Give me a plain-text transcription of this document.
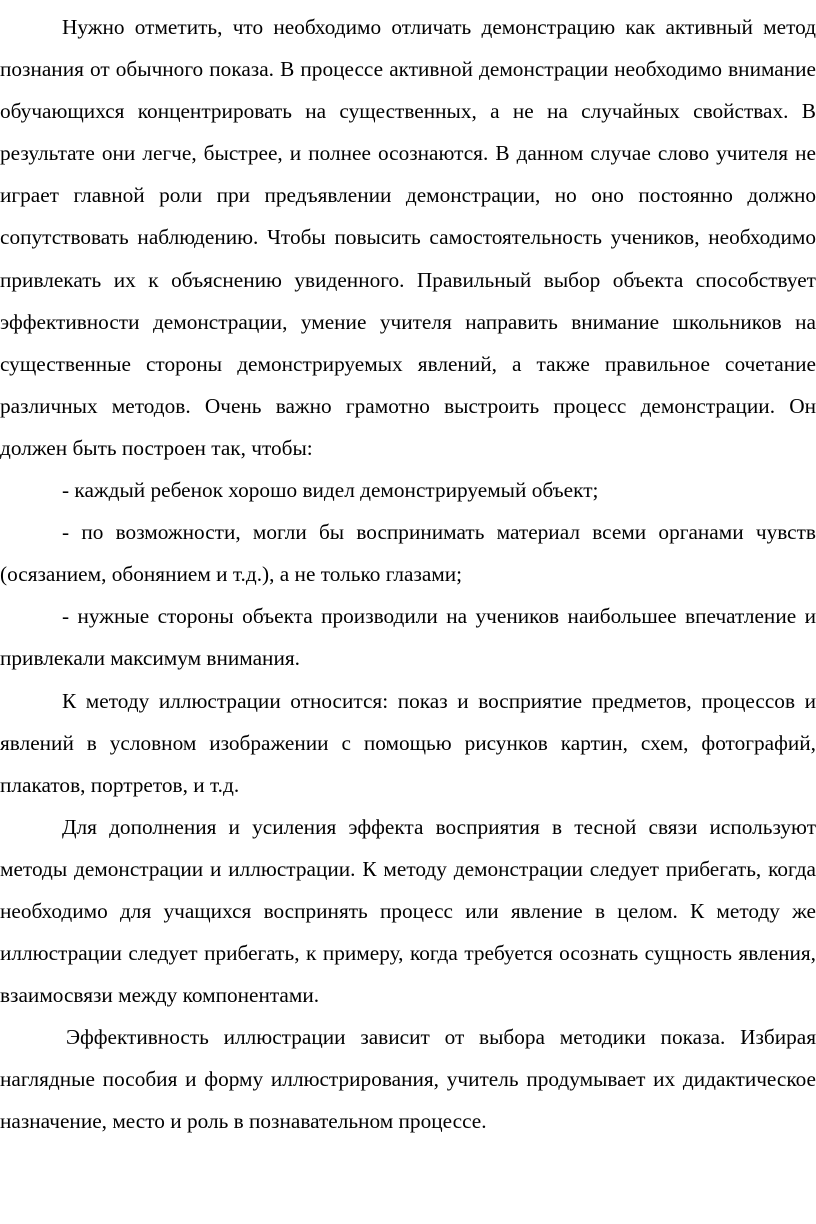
Нужно отметить, что необходимо отличать демонстрацию как активный метод познания от обычного показа. В процессе активной демонстрации необходимо внимание обучающихся концентрировать на существенных, а не на случайных свойствах. В результате они легче, быстрее, и полнее осознаются. В данном случае слово учителя не играет главной роли при предъявлении демонстрации, но оно постоянно должно сопутствовать наблюдению. Чтобы повысить самостоятельность учеников, необходимо привлекать их к объяснению увиденного. Правильный выбор объекта способствует эффективности демонстрации, умение учителя направить внимание школьников на существенные стороны демонстрируемых явлений, а также правильное сочетание различных методов. Очень важно грамотно выстроить процесс демонстрации. Он должен быть построен так, чтобы:

- каждый ребенок хорошо видел демонстрируемый объект;

- по возможности, могли бы воспринимать материал всеми органами чувств (осязанием, обонянием и т.д.), а не только глазами;

- нужные стороны объекта производили на учеников наибольшее впечатление и привлекали максимум внимания.

К методу иллюстрации относится: показ и восприятие предметов, процессов и явлений в условном изображении с помощью рисунков картин, схем, фотографий, плакатов, портретов, и т.д.

Для дополнения и усиления эффекта восприятия в тесной связи используют методы демонстрации и иллюстрации. К методу демонстрации следует прибегать, когда необходимо для учащихся воспринять процесс или явление в целом. К методу же иллюстрации следует прибегать, к примеру, когда требуется осознать сущность явления, взаимосвязи между компонентами.

Эффективность иллюстрации зависит от выбора методики показа. Избирая наглядные пособия и форму иллюстрирования, учитель продумывает их дидактическое назначение, место и роль в познавательном процессе.
